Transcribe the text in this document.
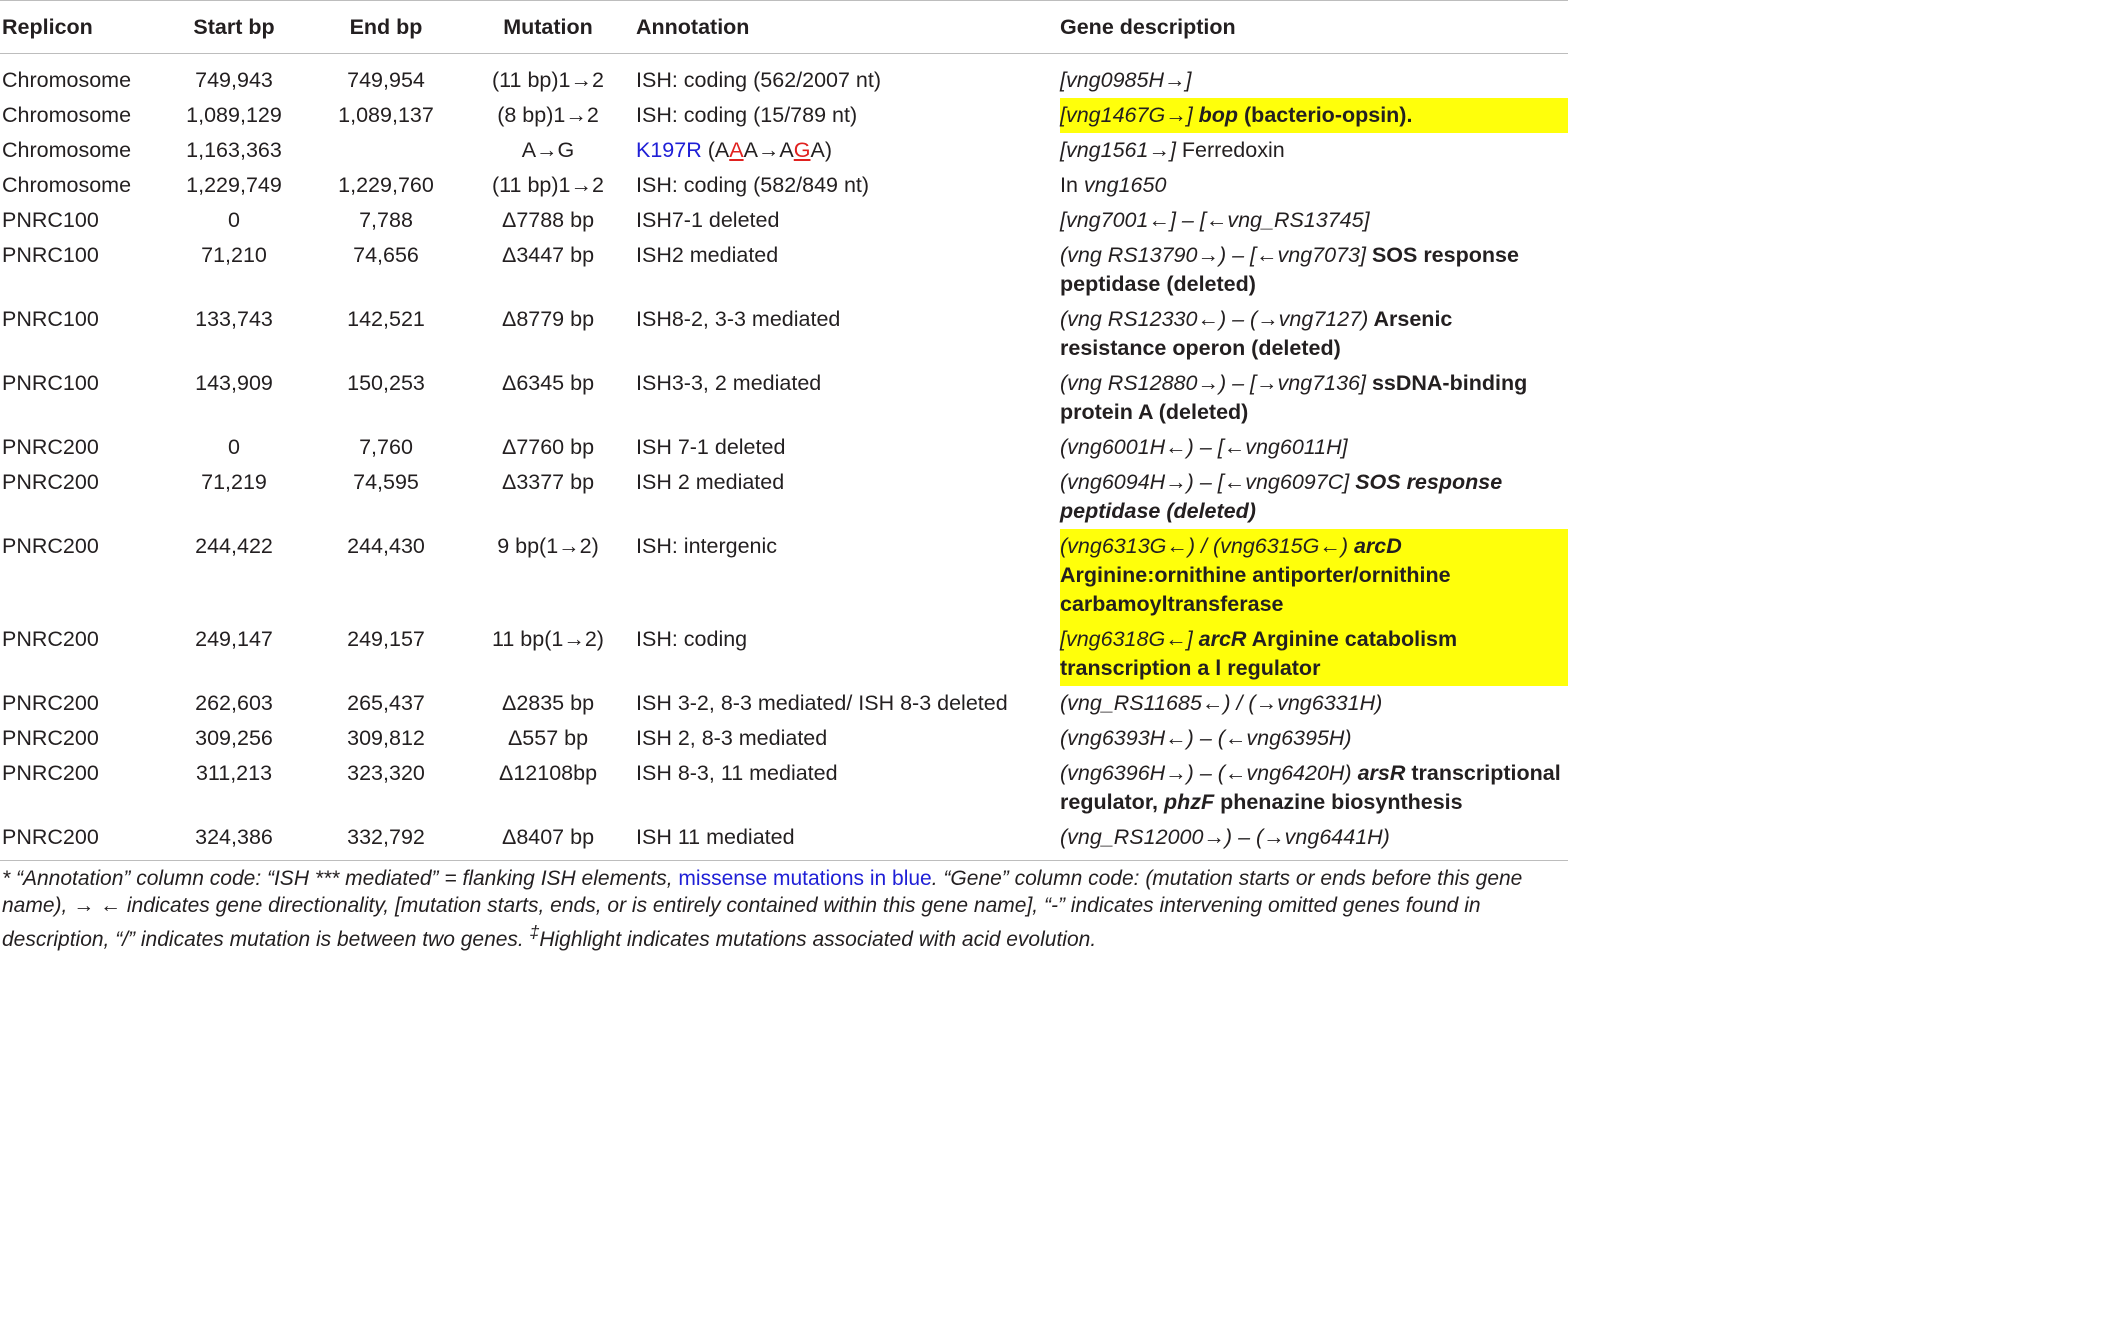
Replicon	Start bp	End bp	Mutation	Annotation	Gene description
Chromosome	749,943	749,954	(11 bp)1→2	ISH: coding (562/2007 nt)	[vng0985H→]
Chromosome	1,089,129	1,089,137	(8 bp)1→2	ISH: coding (15/789 nt)	[vng1467G→] bop (bacterio-opsin).
Chromosome	1,163,363		A→G	K197R (AAA→AGA)	[vng1561→] Ferredoxin
Chromosome	1,229,749	1,229,760	(11 bp)1→2	ISH: coding (582/849 nt)	In vng1650
PNRC100	0	7,788	Δ7788 bp	ISH7-1 deleted	[vng7001←] – [←vng_RS13745]
PNRC100	71,210	74,656	Δ3447 bp	ISH2 mediated	(vng RS13790→) – [←vng7073] SOS response peptidase (deleted)
PNRC100	133,743	142,521	Δ8779 bp	ISH8-2, 3-3 mediated	(vng RS12330←) – (→vng7127) Arsenic resistance operon (deleted)
PNRC100	143,909	150,253	Δ6345 bp	ISH3-3, 2 mediated	(vng RS12880→) – [→vng7136] ssDNA-binding protein A (deleted)
PNRC200	0	7,760	Δ7760 bp	ISH 7-1 deleted	(vng6001H←) – [←vng6011H]
PNRC200	71,219	74,595	Δ3377 bp	ISH 2 mediated	(vng6094H→) – [←vng6097C] SOS response peptidase (deleted)
PNRC200	244,422	244,430	9 bp(1→2)	ISH: intergenic	(vng6313G←) / (vng6315G←) arcD Arginine:ornithine antiporter/ornithine carbamoyltransferase
PNRC200	249,147	249,157	11 bp(1→2)	ISH: coding	[vng6318G←] arcR Arginine catabolism transcription a l regulator
PNRC200	262,603	265,437	Δ2835 bp	ISH 3-2, 8-3 mediated/ ISH 8-3 deleted	(vng_RS11685←) / (→vng6331H)
PNRC200	309,256	309,812	Δ557 bp	ISH 2, 8-3 mediated	(vng6393H←) – (←vng6395H)
PNRC200	311,213	323,320	Δ12108bp	ISH 8-3, 11 mediated	(vng6396H→) – (←vng6420H) arsR transcriptional regulator, phzF phenazine biosynthesis
PNRC200	324,386	332,792	Δ8407 bp	ISH 11 mediated	(vng_RS12000→) – (→vng6441H)
* “Annotation” column code: “ISH *** mediated” = flanking ISH elements, missense mutations in blue. “Gene” column code: (mutation starts or ends before this gene name), → ← indicates gene directionality, [mutation starts, ends, or is entirely contained within this gene name], “-” indicates intervening omitted genes found in description, “/” indicates mutation is between two genes. ‡Highlight indicates mutations associated with acid evolution.
